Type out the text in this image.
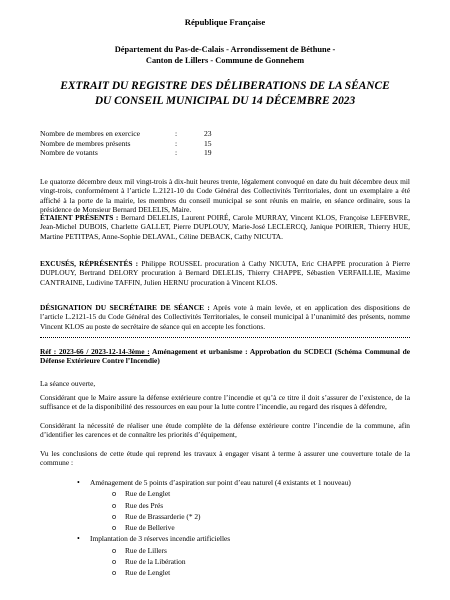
République Française
Département du Pas-de-Calais - Arrondissement de Béthune -
Canton de Lillers - Commune de Gonnehem
EXTRAIT DU REGISTRE DES DÉLIBERATIONS DE LA SÉANCE
DU CONSEIL MUNICIPAL DU 14 DÉCEMBRE 2023
Nombre de membres en exercice	:	23
Nombre de membres présents	:	15
Nombre de votants	:	19

Le quatorze décembre deux mil vingt-trois à dix-huit heures trente, légalement convoqué en date du huit décembre deux mil vingt-trois, conformément à l’article L.2121-10 du Code Général des Collectivités Territoriales, dont un exemplaire a été affiché à la porte de la mairie, les membres du conseil municipal se sont réunis en mairie, en séance ordinaire, sous la présidence de Monsieur Bernard DELELIS, Maire.

ÉTAIENT PRÉSENTS : Bernard DELELIS, Laurent POIRÉ, Carole MURRAY, Vincent KLOS, Françoise LEFEBVRE, Jean-Michel DUBOIS, Charlette GALLET, Pierre DUPLOUY, Marie-José LECLERCQ, Janique POIRIER, Thierry HUE, Martine PETITPAS, Anne-Sophie DELAVAL, Céline DEBACK, Cathy NICUTA.

EXCUSÉS, RÉPRÉSENTÉS : Philippe ROUSSEL procuration à Cathy NICUTA, Eric CHAPPE procuration à Pierre DUPLOUY, Bertrand DELORY procuration à Bernard DELELIS, Thierry CHAPPE, Sébastien VERFAILLIE, Maxime CANTRAINE, Ludivine TAFFIN, Julien HERNU procuration à Vincent KLOS.

DÉSIGNATION DU SECRÉTAIRE DE SÉANCE : Après vote à main levée, et en application des dispositions de l’article L.2121-15 du Code Général des Collectivités Territoriales, le conseil municipal à l’unanimité des présents, nomme Vincent KLOS au poste de secrétaire de séance qui en accepte les fonctions.

Réf : 2023-66 / 2023-12-14-3ème : Aménagement et urbanisme : Approbation du SCDECI (Schéma Communal de Défense Extérieure Contre l’Incendie)

La séance ouverte,

Considérant que le Maire assure la défense extérieure contre l’incendie et qu’à ce titre il doit s’assurer de l’existence, de la suffisance et de la disponibilité des ressources en eau pour la lutte contre l’incendie, au regard des risques à défendre,

Considérant la nécessité de réaliser une étude complète de la défense extérieure contre l’incendie de la commune, afin d’identifier les carences et de connaître les priorités d’équipement,

Vu les conclusions de cette étude qui reprend les travaux à engager visant à terme à assurer une couverture totale de la commune :

• Aménagement de 5 points d’aspiration sur point d’eau naturel (4 existants et 1 nouveau)
o Rue de Lenglet
o Rue des Prés
o Rue de Brassarderie (* 2)
o Rue de Bellerive
• Implantation de 3 réserves incendie artificielles
o Rue de Lillers
o Rue de la Libération
o Rue de Lenglet
